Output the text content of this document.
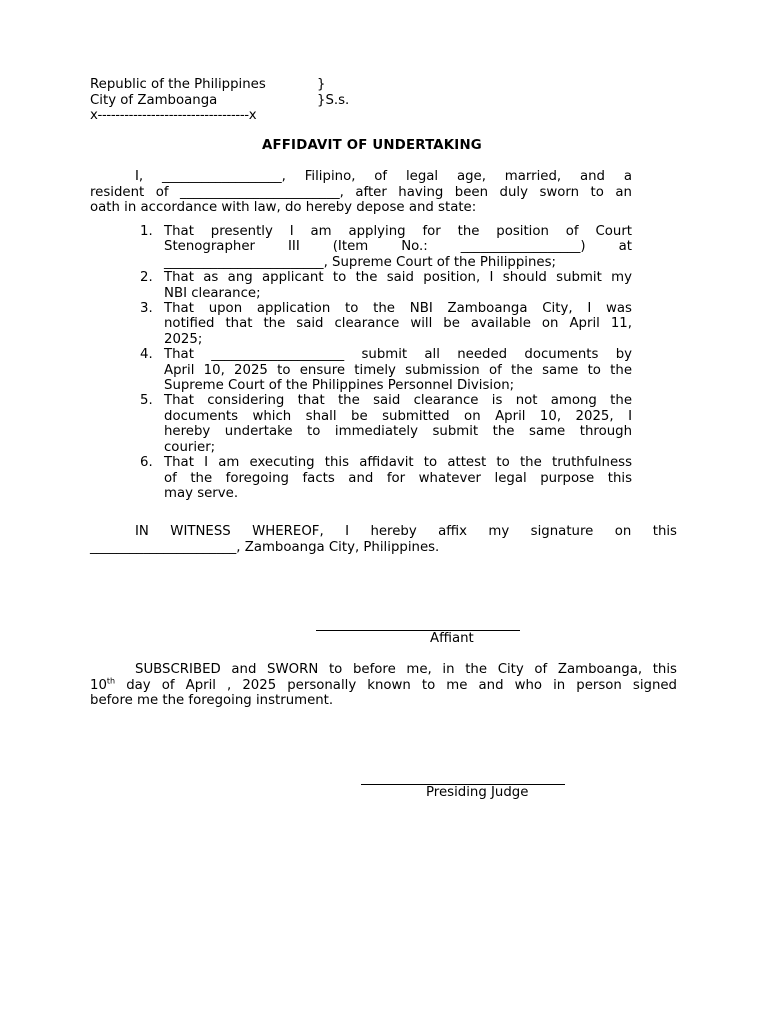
Republic of the Philippines	}
City of Zamboanga	}S.s.
x----------------------------------x
AFFIDAVIT OF UNDERTAKING
I, __________________, Filipino, of legal age, married, and a
resident of ________________________, after having been duly sworn to an
oath in accordance with law, do hereby depose and state:
1. That presently I am applying for the position of Court
Stenographer III (Item No.: __________________) at
________________________, Supreme Court of the Philippines;
2. That as ang applicant to the said position, I should submit my
NBI clearance;
3. That upon application to the NBI Zamboanga City, I was
notified that the said clearance will be available on April 11,
2025;
4. That ____________________ submit all needed documents by
April 10, 2025 to ensure timely submission of the same to the
Supreme Court of the Philippines Personnel Division;
5. That considering that the said clearance is not among the
documents which shall be submitted on April 10, 2025, I
hereby undertake to immediately submit the same through
courier;
6. That I am executing this affidavit to attest to the truthfulness
of the foregoing facts and for whatever legal purpose this
may serve.
IN WITNESS WHEREOF, I hereby affix my signature on this
______________________, Zamboanga City, Philippines.
Affiant
SUBSCRIBED and SWORN to before me, in the City of Zamboanga, this
10th day of April , 2025 personally known to me and who in person signed
before me the foregoing instrument.
Presiding Judge
